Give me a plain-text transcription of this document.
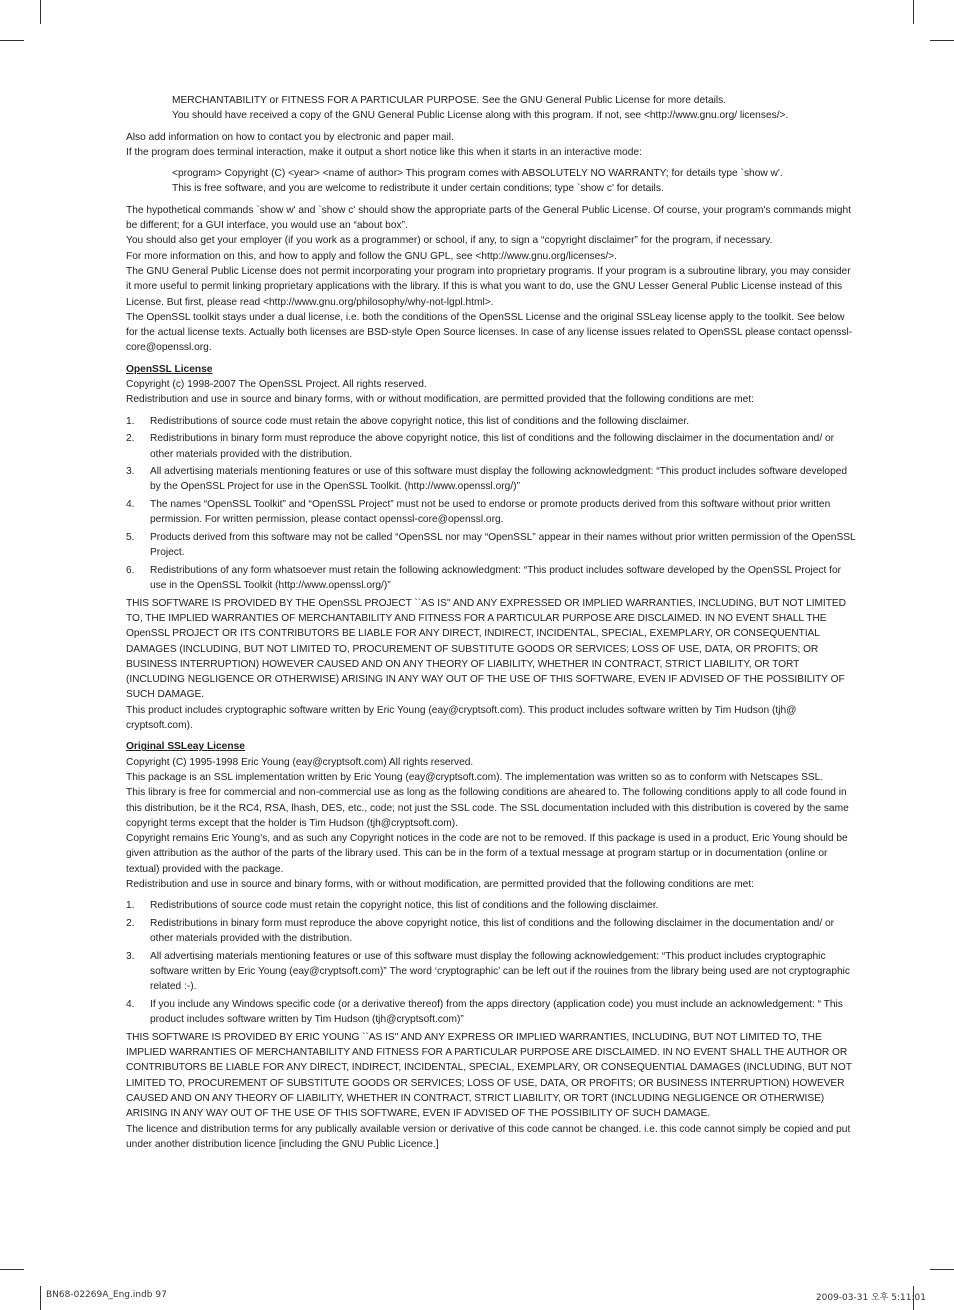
MERCHANTABILITY or FITNESS FOR A PARTICULAR PURPOSE. See the GNU General Public License for more details.

You should have received a copy of the GNU General Public License along with this program. If not, see <http://www.gnu.org/ licenses/>.

Also add information on how to contact you by electronic and paper mail.

If the program does terminal interaction, make it output a short notice like this when it starts in an interactive mode:

<program> Copyright (C) <year> <name of author> This program comes with ABSOLUTELY NO WARRANTY; for details type `show w'.

This is free software, and you are welcome to redistribute it under certain conditions; type `show c' for details.

The hypothetical commands `show w' and `show c' should show the appropriate parts of the General Public License. Of course, your program's commands might be different; for a GUI interface, you would use an “about box”.

You should also get your employer (if you work as a programmer) or school, if any, to sign a “copyright disclaimer” for the program, if necessary.

For more information on this, and how to apply and follow the GNU GPL, see <http://www.gnu.org/licenses/>.

The GNU General Public License does not permit incorporating your program into proprietary programs. If your program is a subroutine library, you may consider it more useful to permit linking proprietary applications with the library. If this is what you want to do, use the GNU Lesser General Public License instead of this License. But first, please read <http://www.gnu.org/philosophy/why-not-lgpl.html>.

The OpenSSL toolkit stays under a dual license, i.e. both the conditions of the OpenSSL License and the original SSLeay license apply to the toolkit. See below for the actual license texts. Actually both licenses are BSD-style Open Source licenses. In case of any license issues related to OpenSSL please contact openssl-core@openssl.org.

OpenSSL License

Copyright (c) 1998-2007 The OpenSSL Project. All rights reserved.

Redistribution and use in source and binary forms, with or without modification, are permitted provided that the following conditions are met:

1. Redistributions of source code must retain the above copyright notice, this list of conditions and the following disclaimer.
2. Redistributions in binary form must reproduce the above copyright notice, this list of conditions and the following disclaimer in the documentation and/ or other materials provided with the distribution.
3. All advertising materials mentioning features or use of this software must display the following acknowledgment: “This product includes software developed by the OpenSSL Project for use in the OpenSSL Toolkit. (http://www.openssl.org/)”
4. The names “OpenSSL Toolkit” and “OpenSSL Project” must not be used to endorse or promote products derived from this software without prior written permission. For written permission, please contact openssl-core@openssl.org.
5. Products derived from this software may not be called “OpenSSL nor may “OpenSSL” appear in their names without prior written permission of the OpenSSL Project.
6. Redistributions of any form whatsoever must retain the following acknowledgment: “This product includes software developed by the OpenSSL Project for use in the OpenSSL Toolkit (http://www.openssl.org/)”

THIS SOFTWARE IS PROVIDED BY THE OpenSSL PROJECT ``AS IS'' AND ANY EXPRESSED OR IMPLIED WARRANTIES, INCLUDING, BUT NOT LIMITED TO, THE IMPLIED WARRANTIES OF MERCHANTABILITY AND FITNESS FOR A PARTICULAR PURPOSE ARE DISCLAIMED. IN NO EVENT SHALL THE OpenSSL PROJECT OR ITS CONTRIBUTORS BE LIABLE FOR ANY DIRECT, INDIRECT, INCIDENTAL, SPECIAL, EXEMPLARY, OR CONSEQUENTIAL DAMAGES (INCLUDING, BUT NOT LIMITED TO, PROCUREMENT OF SUBSTITUTE GOODS OR SERVICES; LOSS OF USE, DATA, OR PROFITS; OR BUSINESS INTERRUPTION) HOWEVER CAUSED AND ON ANY THEORY OF LIABILITY, WHETHER IN CONTRACT, STRICT LIABILITY, OR TORT (INCLUDING NEGLIGENCE OR OTHERWISE) ARISING IN ANY WAY OUT OF THE USE OF THIS SOFTWARE, EVEN IF ADVISED OF THE POSSIBILITY OF SUCH DAMAGE.

This product includes cryptographic software written by Eric Young (eay@cryptsoft.com). This product includes software written by Tim Hudson (tjh@ cryptsoft.com).

Original SSLeay License

Copyright (C) 1995-1998 Eric Young (eay@cryptsoft.com) All rights reserved.

This package is an SSL implementation written by Eric Young (eay@cryptsoft.com). The implementation was written so as to conform with Netscapes SSL.

This library is free for commercial and non-commercial use as long as the following conditions are aheared to. The following conditions apply to all code found in this distribution, be it the RC4, RSA, lhash, DES, etc., code; not just the SSL code. The SSL documentation included with this distribution is covered by the same copyright terms except that the holder is Tim Hudson (tjh@cryptsoft.com).

Copyright remains Eric Young's, and as such any Copyright notices in the code are not to be removed. If this package is used in a product, Eric Young should be given attribution as the author of the parts of the library used. This can be in the form of a textual message at program startup or in documentation (online or textual) provided with the package.

Redistribution and use in source and binary forms, with or without modification, are permitted provided that the following conditions are met:

1. Redistributions of source code must retain the copyright notice, this list of conditions and the following disclaimer.
2. Redistributions in binary form must reproduce the above copyright notice, this list of conditions and the following disclaimer in the documentation and/ or other materials provided with the distribution.
3. All advertising materials mentioning features or use of this software must display the following acknowledgement: “This product includes cryptographic software written by Eric Young (eay@cryptsoft.com)” The word ‘cryptographic’ can be left out if the rouines from the library being used are not cryptographic related :-).
4. If you include any Windows specific code (or a derivative thereof) from the apps directory (application code) you must include an acknowledgement: “ This product includes software written by Tim Hudson (tjh@cryptsoft.com)”

THIS SOFTWARE IS PROVIDED BY ERIC YOUNG ``AS IS'' AND ANY EXPRESS OR IMPLIED WARRANTIES, INCLUDING, BUT NOT LIMITED TO, THE IMPLIED WARRANTIES OF MERCHANTABILITY AND FITNESS FOR A PARTICULAR PURPOSE ARE DISCLAIMED. IN NO EVENT SHALL THE AUTHOR OR CONTRIBUTORS BE LIABLE FOR ANY DIRECT, INDIRECT, INCIDENTAL, SPECIAL, EXEMPLARY, OR CONSEQUENTIAL DAMAGES (INCLUDING, BUT NOT LIMITED TO, PROCUREMENT OF SUBSTITUTE GOODS OR SERVICES; LOSS OF USE, DATA, OR PROFITS; OR BUSINESS INTERRUPTION) HOWEVER CAUSED AND ON ANY THEORY OF LIABILITY, WHETHER IN CONTRACT, STRICT LIABILITY, OR TORT (INCLUDING NEGLIGENCE OR OTHERWISE) ARISING IN ANY WAY OUT OF THE USE OF THIS SOFTWARE, EVEN IF ADVISED OF THE POSSIBILITY OF SUCH DAMAGE.

The licence and distribution terms for any publically available version or derivative of this code cannot be changed. i.e. this code cannot simply be copied and put under another distribution licence [including the GNU Public Licence.]

BN68-02269A_Eng.indb 97	2009-03-31 오후 5:11:01
